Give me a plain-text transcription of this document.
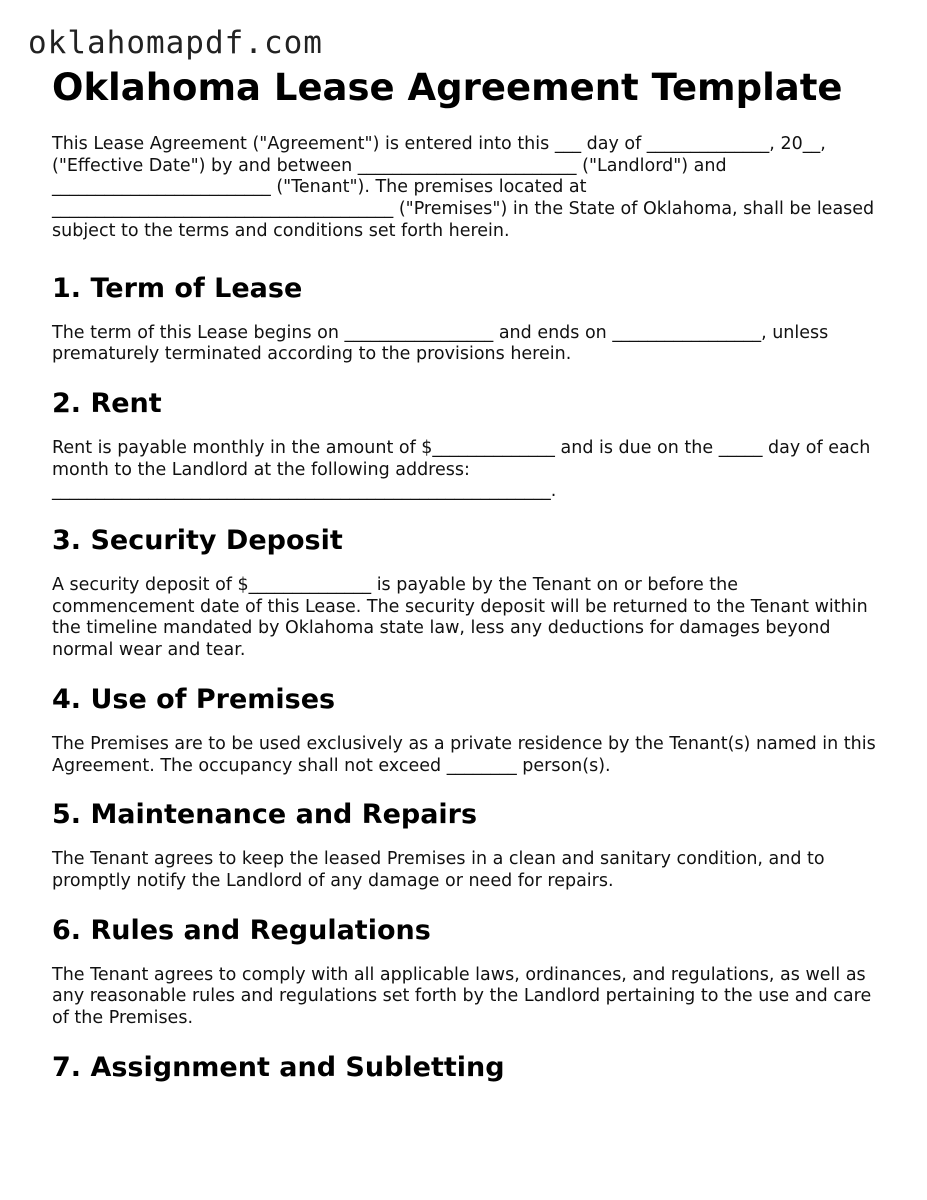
oklahomapdf.com
Oklahoma Lease Agreement Template

This Lease Agreement ("Agreement") is entered into this ___ day of ______________, 20__, ("Effective Date") by and between _________________________ ("Landlord") and _________________________ ("Tenant"). The premises located at _______________________________________ ("Premises") in the State of Oklahoma, shall be leased subject to the terms and conditions set forth herein.

1. Term of Lease

The term of this Lease begins on _________________ and ends on _________________, unless prematurely terminated according to the provisions herein.

2. Rent

Rent is payable monthly in the amount of $______________ and is due on the _____ day of each month to the Landlord at the following address: _________________________________________________________.

3. Security Deposit

A security deposit of $______________ is payable by the Tenant on or before the commencement date of this Lease. The security deposit will be returned to the Tenant within the timeline mandated by Oklahoma state law, less any deductions for damages beyond normal wear and tear.

4. Use of Premises

The Premises are to be used exclusively as a private residence by the Tenant(s) named in this Agreement. The occupancy shall not exceed ________ person(s).

5. Maintenance and Repairs

The Tenant agrees to keep the leased Premises in a clean and sanitary condition, and to promptly notify the Landlord of any damage or need for repairs.

6. Rules and Regulations

The Tenant agrees to comply with all applicable laws, ordinances, and regulations, as well as any reasonable rules and regulations set forth by the Landlord pertaining to the use and care of the Premises.

7. Assignment and Subletting
